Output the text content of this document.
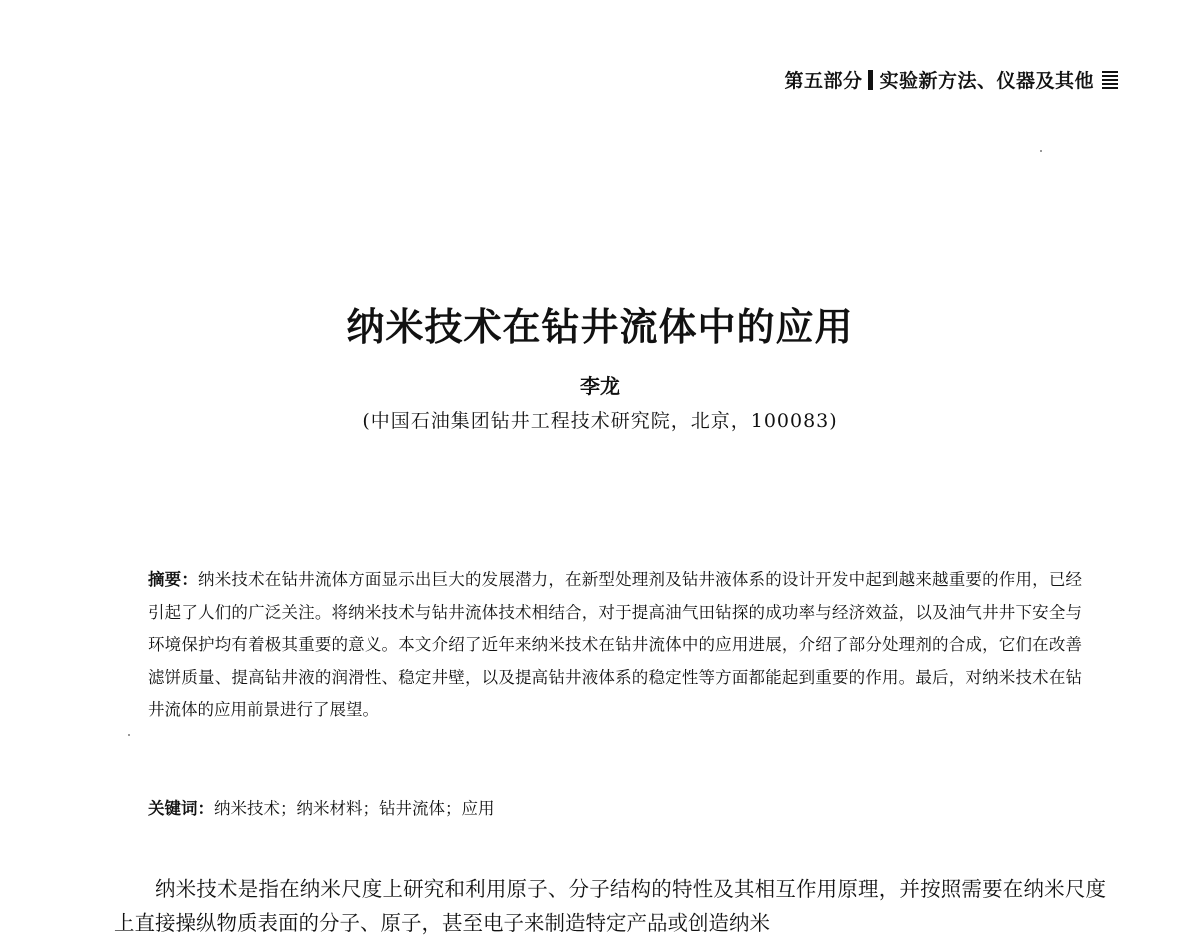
第五部分 实验新方法、仪器及其他
纳米技术在钻井流体中的应用
李龙
(中国石油集团钻井工程技术研究院，北京，100083)
摘要：纳米技术在钻井流体方面显示出巨大的发展潜力，在新型处理剂及钻井液体系的设计开发中起到越来越重要的作用，已经引起了人们的广泛关注。将纳米技术与钻井流体技术相结合，对于提高油气田钻探的成功率与经济效益，以及油气井井下安全与环境保护均有着极其重要的意义。本文介绍了近年来纳米技术在钻井流体中的应用进展，介绍了部分处理剂的合成，它们在改善滤饼质量、提高钻井液的润滑性、稳定井壁，以及提高钻井液体系的稳定性等方面都能起到重要的作用。最后，对纳米技术在钻井流体的应用前景进行了展望。
关键词：纳米技术；纳米材料；钻井流体；应用
纳米技术是指在纳米尺度上研究和利用原子、分子结构的特性及其相互作用原理，并按照需要在纳米尺度上直接操纵物质表面的分子、原子，甚至电子来制造特定产品或创造纳米
